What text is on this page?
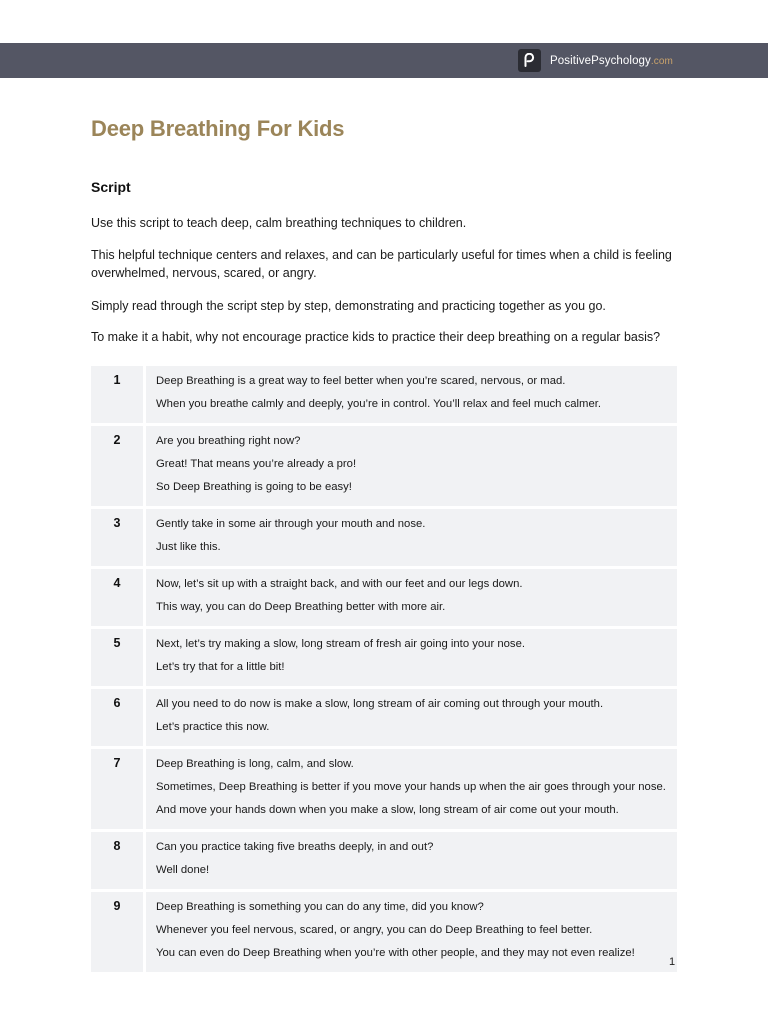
PositivePsychology.com
Deep Breathing For Kids
Script

Use this script to teach deep, calm breathing techniques to children.

This helpful technique centers and relaxes, and can be particularly useful for times when a child is feeling overwhelmed, nervous, scared, or angry.

Simply read through the script step by step, demonstrating and practicing together as you go.

To make it a habit, why not encourage practice kids to practice their deep breathing on a regular basis?

1	Deep Breathing is a great way to feel better when you’re scared, nervous, or mad.

When you breathe calmly and deeply, you’re in control. You’ll relax and feel much calmer.

2	Are you breathing right now?

Great! That means you’re already a pro!

So Deep Breathing is going to be easy!

3	Gently take in some air through your mouth and nose.

Just like this.

4	Now, let’s sit up with a straight back, and with our feet and our legs down.

This way, you can do Deep Breathing better with more air.

5	Next, let’s try making a slow, long stream of fresh air going into your nose.

Let’s try that for a little bit!

6	All you need to do now is make a slow, long stream of air coming out through your mouth.

Let’s practice this now.

7	Deep Breathing is long, calm, and slow.

Sometimes, Deep Breathing is better if you move your hands up when the air goes through your nose.

And move your hands down when you make a slow, long stream of air come out your mouth.

8	Can you practice taking five breaths deeply, in and out?

Well done!

9	Deep Breathing is something you can do any time, did you know?

Whenever you feel nervous, scared, or angry, you can do Deep Breathing to feel better.

You can even do Deep Breathing when you’re with other people, and they may not even realize!

1
